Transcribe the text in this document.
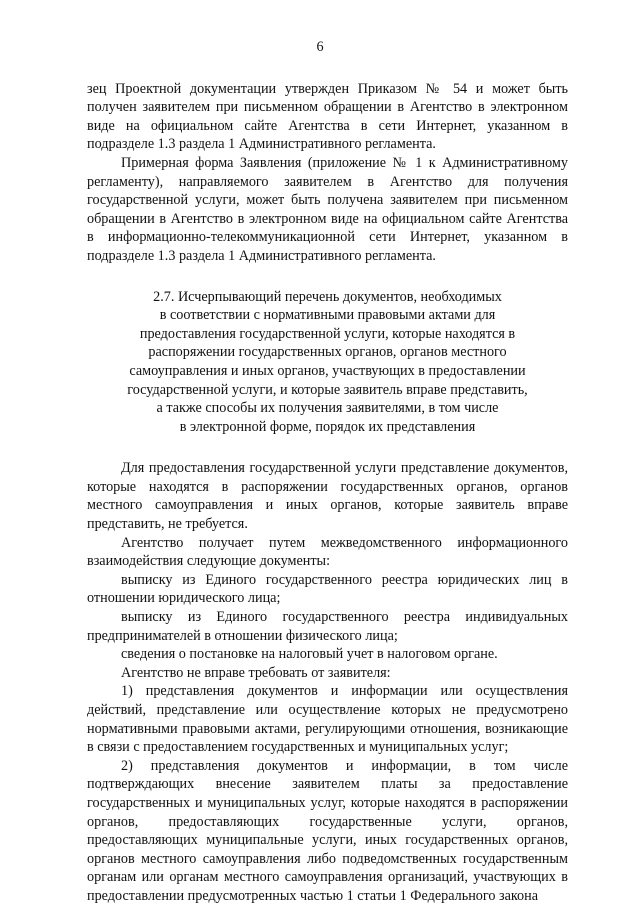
6

зец Проектной документации утвержден Приказом № 54 и может быть получен заявителем при письменном обращении в Агентство в электронном виде на официальном сайте Агентства в сети Интернет, указанном в подразделе 1.3 раздела 1 Административного регламента.

Примерная форма Заявления (приложение № 1 к Административному регламенту), направляемого заявителем в Агентство для получения государственной услуги, может быть получена заявителем при письменном обращении в Агентство в электронном виде на официальном сайте Агентства в информационно-телекоммуникационной сети Интернет, указанном в подразделе 1.3 раздела 1 Административного регламента.

2.7. Исчерпывающий перечень документов, необходимых
в соответствии с нормативными правовыми актами для
предоставления государственной услуги, которые находятся в
распоряжении государственных органов, органов местного
самоуправления и иных органов, участвующих в предоставлении
государственной услуги, и которые заявитель вправе представить,
а также способы их получения заявителями, в том числе
в электронной форме, порядок их представления

Для предоставления государственной услуги представление документов, которые находятся в распоряжении государственных органов, органов местного самоуправления и иных органов, которые заявитель вправе представить, не требуется.

Агентство получает путем межведомственного информационного взаимодействия следующие документы:

выписку из Единого государственного реестра юридических лиц в отношении юридического лица;

выписку из Единого государственного реестра индивидуальных предпринимателей в отношении физического лица;

сведения о постановке на налоговый учет в налоговом органе.

Агентство не вправе требовать от заявителя:

1) представления документов и информации или осуществления действий, представление или осуществление которых не предусмотрено нормативными правовыми актами, регулирующими отношения, возникающие в связи с предоставлением государственных и муниципальных услуг;

2) представления документов и информации, в том числе подтверждающих внесение заявителем платы за предоставление государственных и муниципальных услуг, которые находятся в распоряжении органов, предоставляющих государственные услуги, органов, предоставляющих муниципальные услуги, иных государственных органов, органов местного самоуправления либо подведомственных государственным органам или органам местного самоуправления организаций, участвующих в предоставлении предусмотренных частью 1 статьи 1 Федерального закона
